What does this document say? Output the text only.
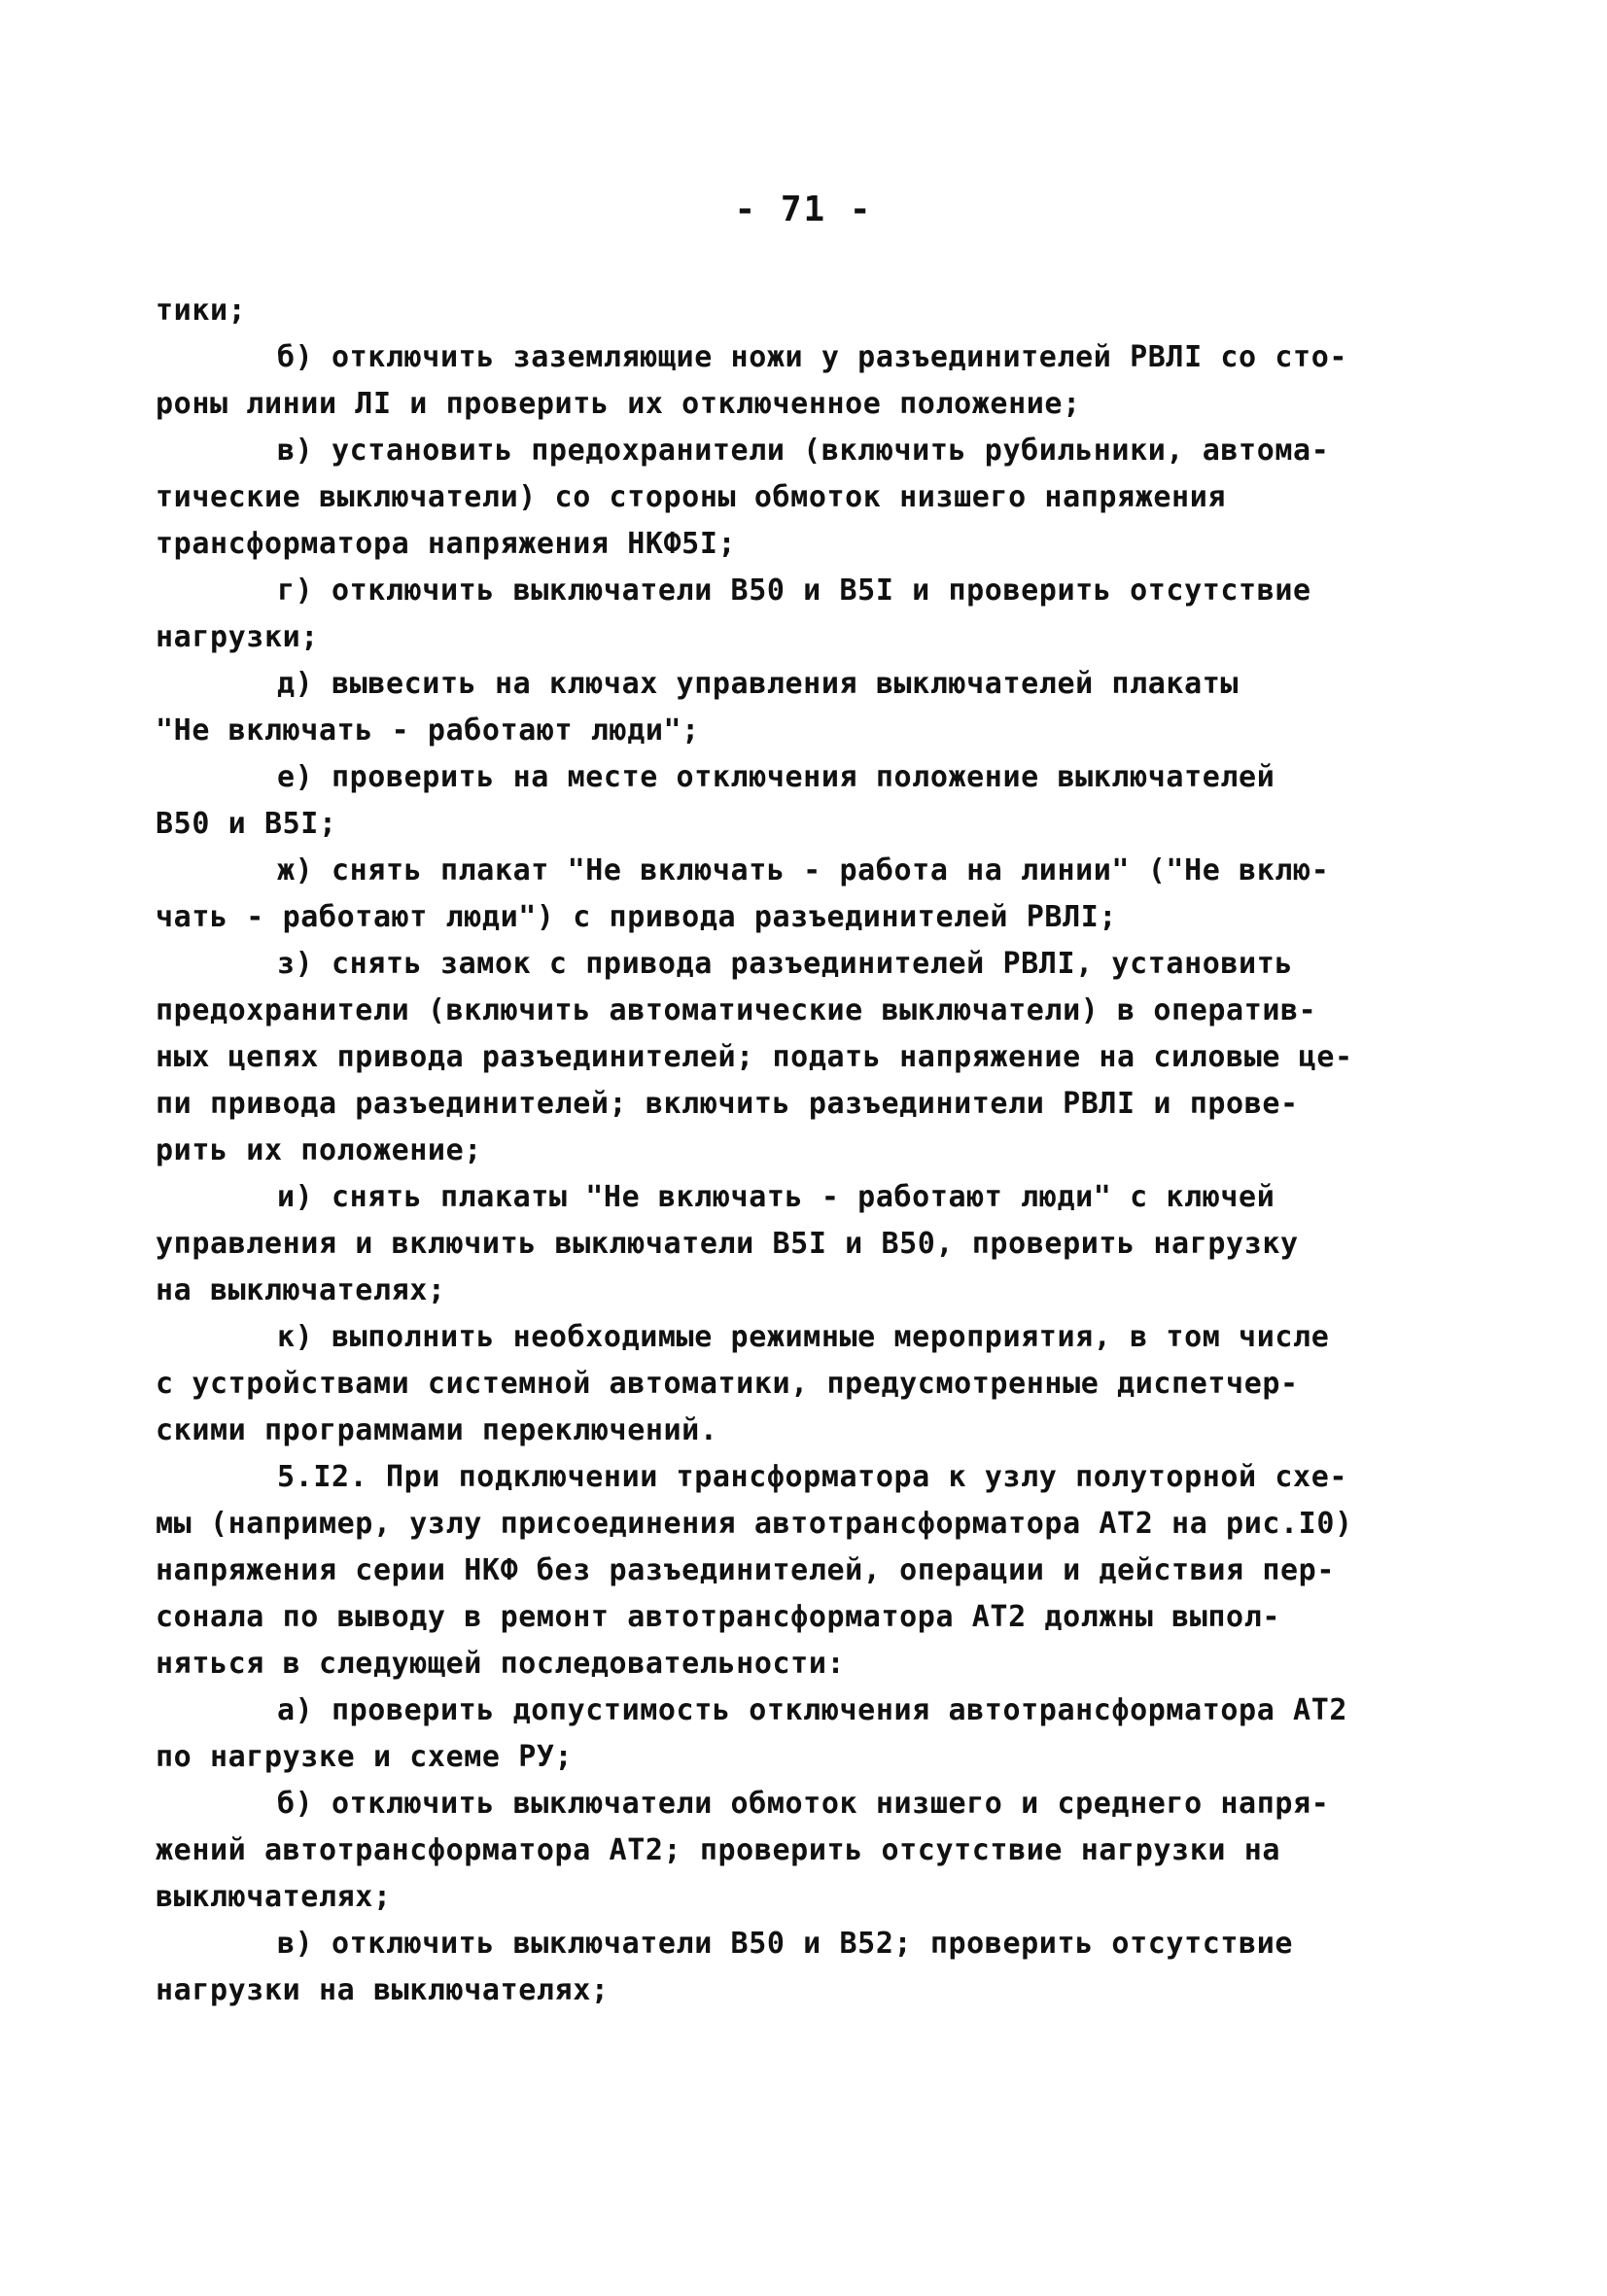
- 71 -
тики;
б) отключить заземляющие ножи у разъединителей РВЛI со сто-
роны линии ЛI и проверить их отключенное положение;
в) установить предохранители (включить рубильники, автома-
тические выключатели) со стороны обмоток низшего напряжения
трансформатора напряжения НКФ5I;
г) отключить выключатели В50 и В5I и проверить отсутствие
нагрузки;
д) вывесить на ключах управления выключателей плакаты
"Не включать - работают люди";
е) проверить на месте отключения положение выключателей
В50 и В5I;
ж) снять плакат "Не включать - работа на линии" ("Не вклю-
чать - работают люди") с привода разъединителей РВЛI;
з) снять замок с привода разъединителей РВЛI, установить
предохранители (включить автоматические выключатели) в оператив-
ных цепях привода разъединителей; подать напряжение на силовые це-
пи привода разъединителей; включить разъединители РВЛI и прове-
рить их положение;
и) снять плакаты "Не включать - работают люди" с ключей
управления и включить выключатели В5I и В50, проверить нагрузку
на выключателях;
к) выполнить необходимые режимные мероприятия, в том числе
с устройствами системной автоматики, предусмотренные диспетчер-
скими программами переключений.
5.I2. При подключении трансформатора к узлу полуторной схе-
мы (например, узлу присоединения автотрансформатора АТ2 на рис.I0)
напряжения серии НКФ без разъединителей, операции и действия пер-
сонала по выводу в ремонт автотрансформатора АТ2 должны выпол-
няться в следующей последовательности:
а) проверить допустимость отключения автотрансформатора АТ2
по нагрузке и схеме РУ;
б) отключить выключатели обмоток низшего и среднего напря-
жений автотрансформатора АТ2; проверить отсутствие нагрузки на
выключателях;
в) отключить выключатели В50 и В52; проверить отсутствие
нагрузки на выключателях;
